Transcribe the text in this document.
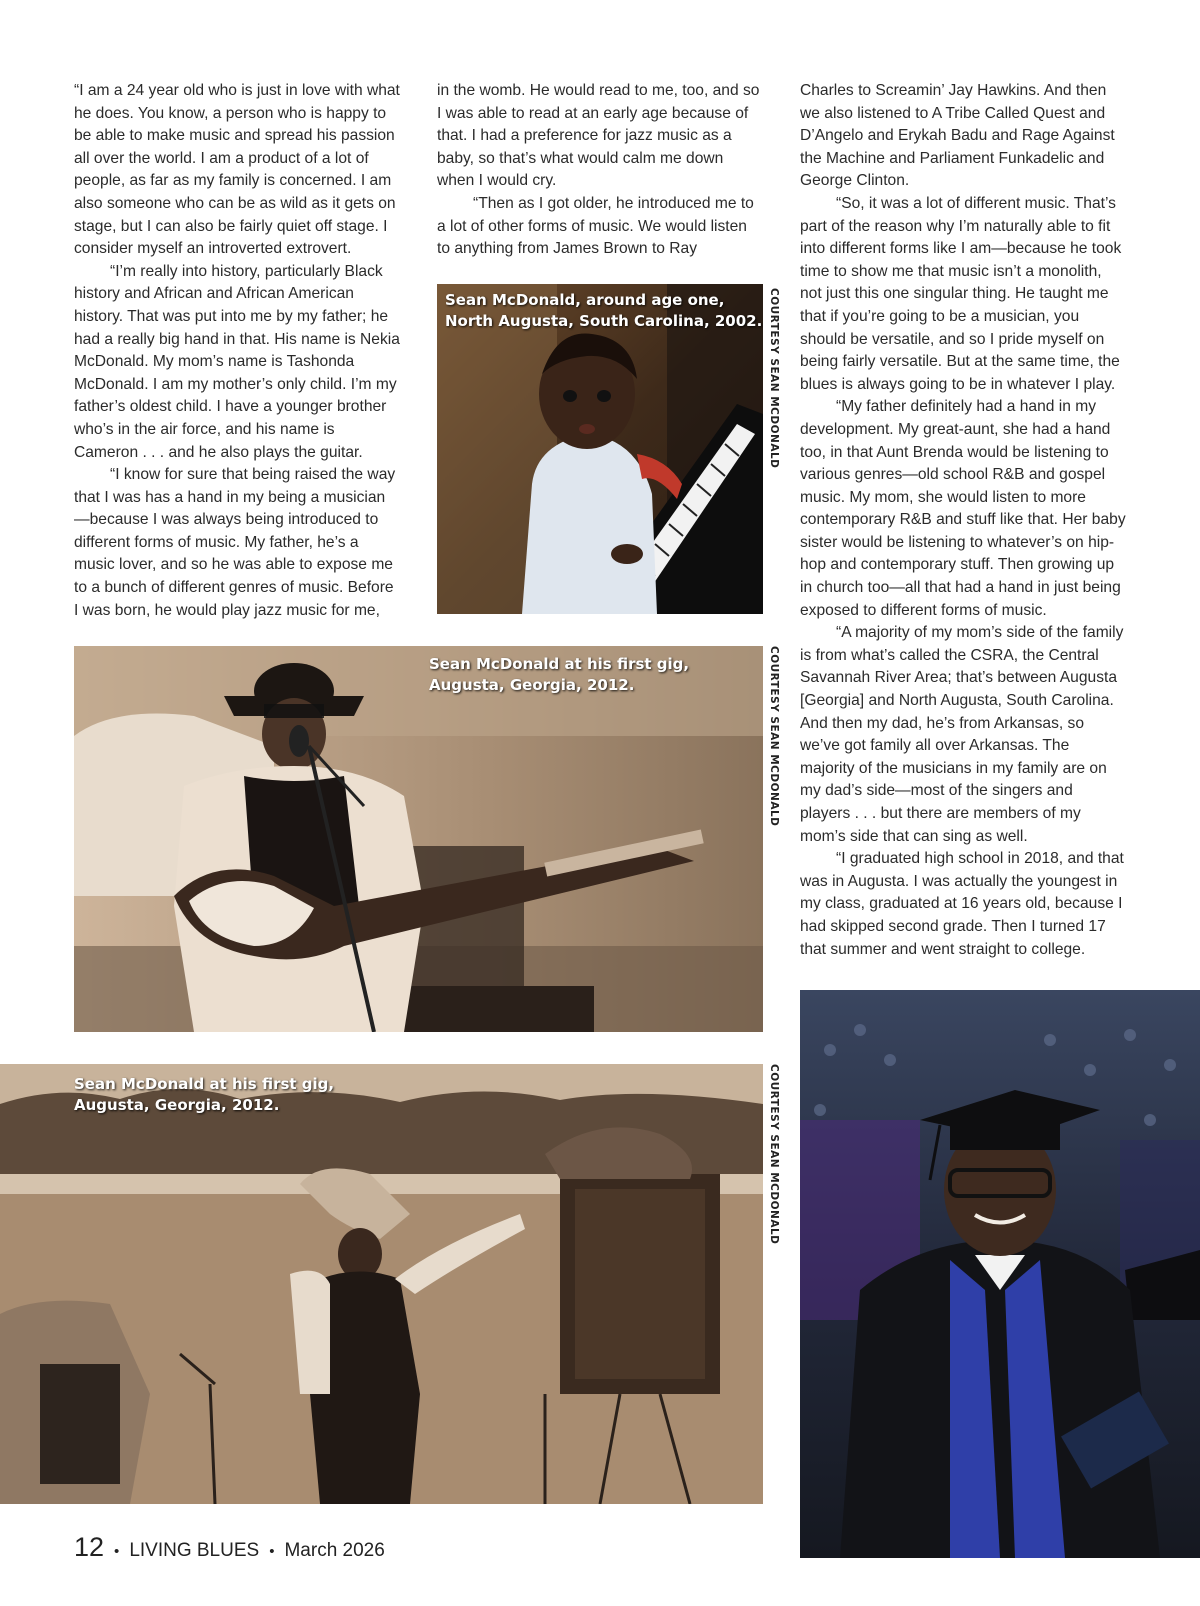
“I am a 24 year old who is just in love with what he does. You know, a person who is happy to be able to make music and spread his passion all over the world. I am a product of a lot of people, as far as my family is concerned. I am also someone who can be as wild as it gets on stage, but I can also be fairly quiet off stage. I consider myself an introverted extrovert.

“I’m really into history, particularly Black history and African and African American history. That was put into me by my father; he had a really big hand in that. His name is Nekia McDonald. My mom’s name is Tashonda McDonald. I am my mother’s only child. I’m my father’s oldest child. I have a younger brother who’s in the air force, and his name is Cameron . . . and he also plays the guitar.

“I know for sure that being raised the way that I was has a hand in my being a musician—because I was always being introduced to different forms of music. My father, he’s a music lover, and so he was able to expose me to a bunch of different genres of music. Before I was born, he would play jazz music for me,

in the womb. He would read to me, too, and so I was able to read at an early age because of that. I had a preference for jazz music as a baby, so that’s what would calm me down when I would cry.

“Then as I got older, he introduced me to a lot of other forms of music. We would listen to anything from James Brown to Ray

Charles to Screamin’ Jay Hawkins. And then we also listened to A Tribe Called Quest and D’Angelo and Erykah Badu and Rage Against the Machine and Parliament Funkadelic and George Clinton.

“So, it was a lot of different music. That’s part of the reason why I’m naturally able to fit into different forms like I am—because he took time to show me that music isn’t a monolith, not just this one singular thing. He taught me that if you’re going to be a musician, you should be versatile, and so I pride myself on being fairly versatile. But at the same time, the blues is always going to be in whatever I play.

“My father definitely had a hand in my development. My great-aunt, she had a hand too, in that Aunt Brenda would be listening to various genres—old school R&B and gospel music. My mom, she would listen to more contemporary R&B and stuff like that. Her baby sister would be listening to whatever’s on hip-hop and contemporary stuff. Then growing up in church too—all that had a hand in just being exposed to different forms of music.

“A majority of my mom’s side of the family is from what’s called the CSRA, the Central Savannah River Area; that’s between Augusta [Georgia] and North Augusta, South Carolina. And then my dad, he’s from Arkansas, so we’ve got family all over Arkansas. The majority of the musicians in my family are on my dad’s side—most of the singers and players . . . but there are members of my mom’s side that can sing as well.

“I graduated high school in 2018, and that was in Augusta. I was actually the youngest in my class, graduated at 16 years old, because I had skipped second grade. Then I turned 17 that summer and went straight to college.

Sean McDonald, around age one,
North Augusta, South Carolina, 2002. COURTESY SEAN MCDONALD
Sean McDonald at his first gig,
Augusta, Georgia, 2012.	COURTESY SEAN MCDONALD
Sean McDonald at his first gig,
Augusta, Georgia, 2012.	COURTESY SEAN MCDONALD
12 • LIVING BLUES • March 2026
